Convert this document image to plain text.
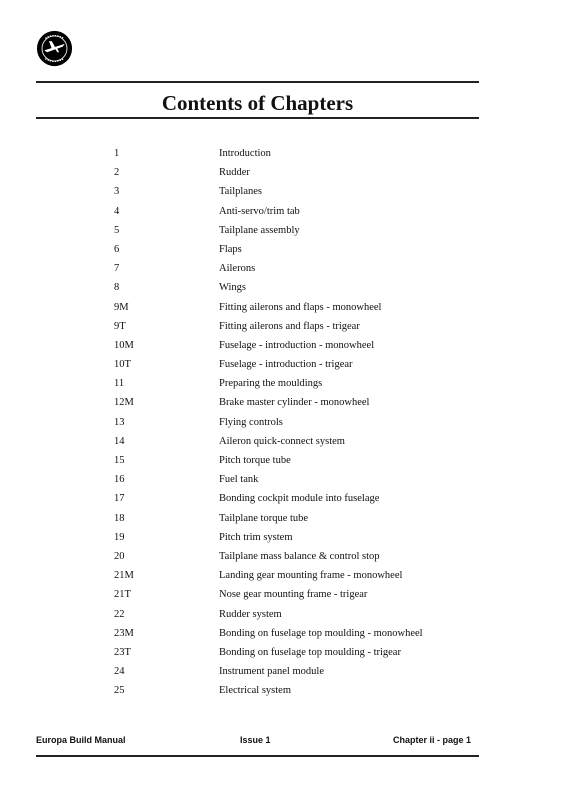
Contents of Chapters
1	Introduction
2	Rudder
3	Tailplanes
4	Anti-servo/trim tab
5	Tailplane assembly
6	Flaps
7	Ailerons
8	Wings
9M	Fitting ailerons and flaps - monowheel
9T	Fitting ailerons and flaps - trigear
10M	Fuselage - introduction - monowheel
10T	Fuselage - introduction - trigear
11	Preparing the mouldings
12M	Brake master cylinder - monowheel
13	Flying controls
14	Aileron quick-connect system
15	Pitch torque tube
16	Fuel tank
17	Bonding cockpit module into fuselage
18	Tailplane torque tube
19	Pitch trim system
20	Tailplane mass balance & control stop
21M	Landing gear mounting frame - monowheel
21T	Nose gear mounting frame - trigear
22	Rudder system
23M	Bonding on fuselage top moulding - monowheel
23T	Bonding on fuselage top moulding - trigear
24	Instrument panel module
25	Electrical system
Europa Build Manual	Issue 1	Chapter ii - page 1
